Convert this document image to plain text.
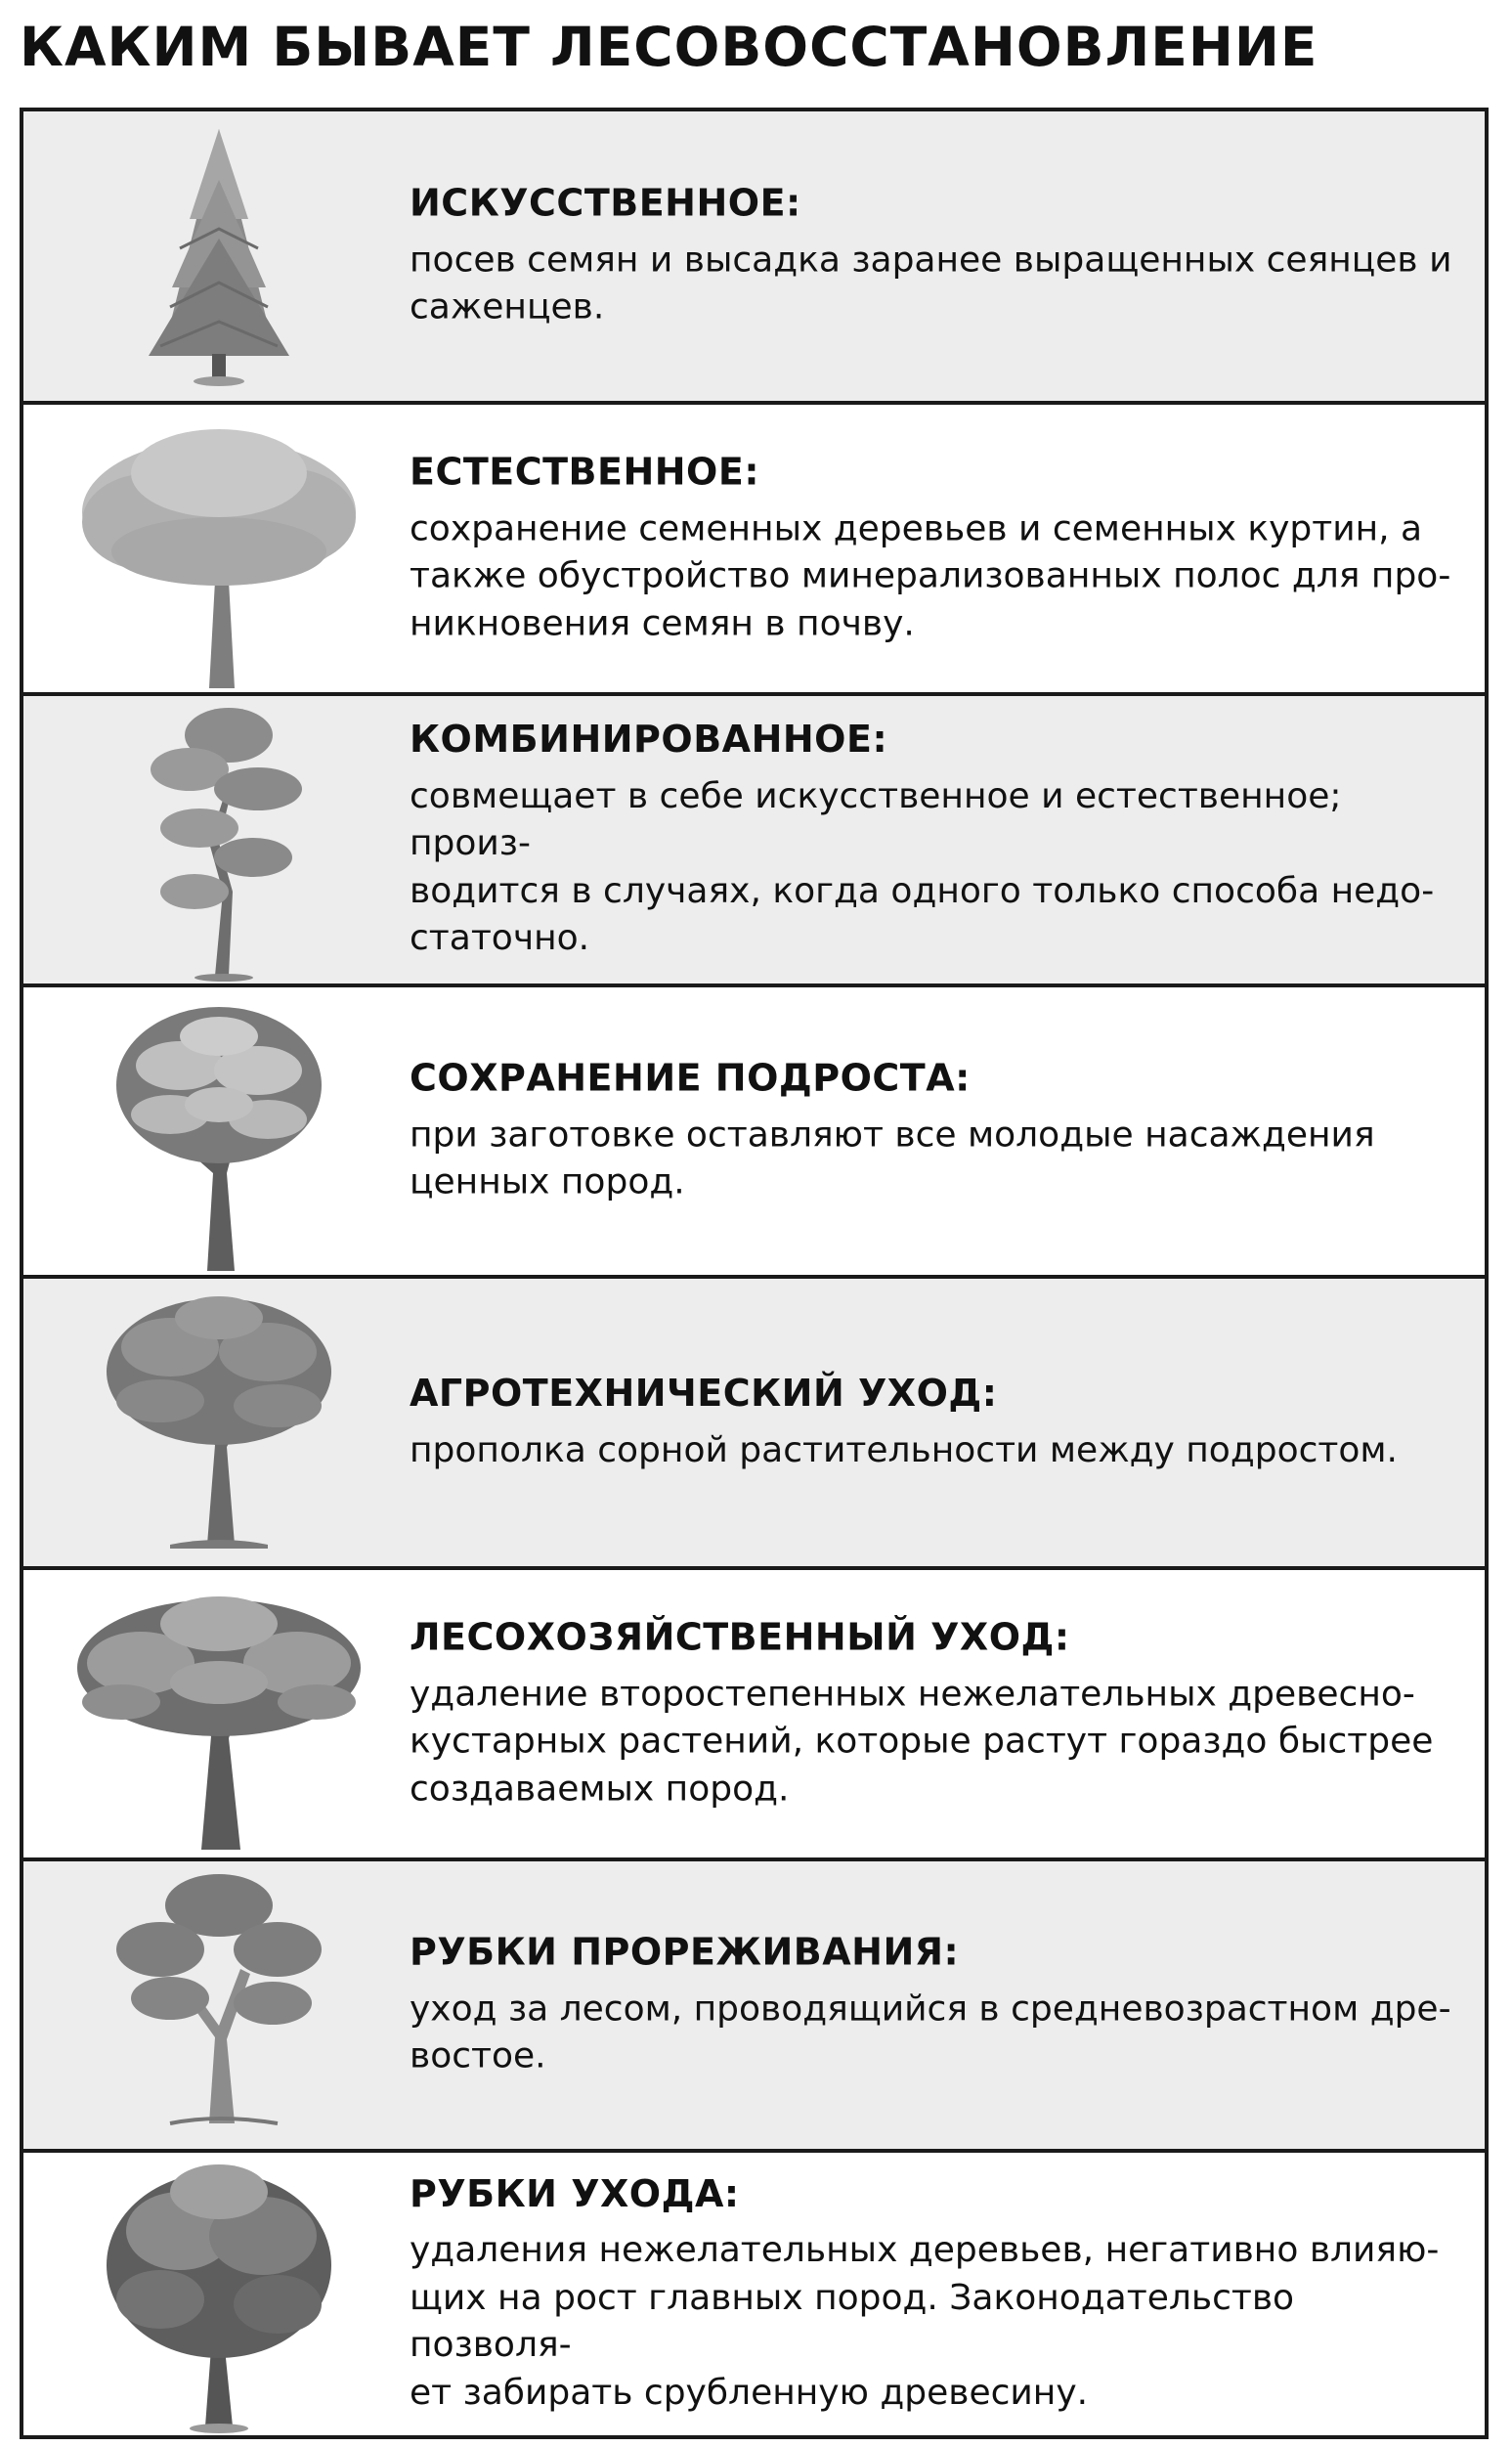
КАКИМ БЫВАЕТ ЛЕСОВОССТАНОВЛЕНИЕ

ИСКУССТВЕННОЕ:

посев семян и высадка заранее выращенных сеянцев и
саженцев.

ЕСТЕСТВЕННОЕ:

сохранение семенных деревьев и семенных куртин, а
также обустройство минерализованных полос для про-
никновения семян в почву.

КОМБИНИРОВАННОЕ:

совмещает в себе искусственное и естественное; произ-
водится в случаях, когда одного только способа недо-
статочно.

СОХРАНЕНИЕ ПОДРОСТА:

при заготовке оставляют все молодые насаждения
ценных пород.

АГРОТЕХНИЧЕСКИЙ УХОД:

прополка сорной растительности между подростом.

ЛЕСОХОЗЯЙСТВЕННЫЙ УХОД:

удаление второстепенных нежелательных древесно-
кустарных растений, которые растут гораздо быстрее
создаваемых пород.

РУБКИ ПРОРЕЖИВАНИЯ:

уход за лесом, проводящийся в средневозрастном дре-
востое.

РУБКИ УХОДА:

удаления нежелательных деревьев, негативно влияю-
щих на рост главных пород. Законодательство позволя-
ет забирать срубленную древесину.
